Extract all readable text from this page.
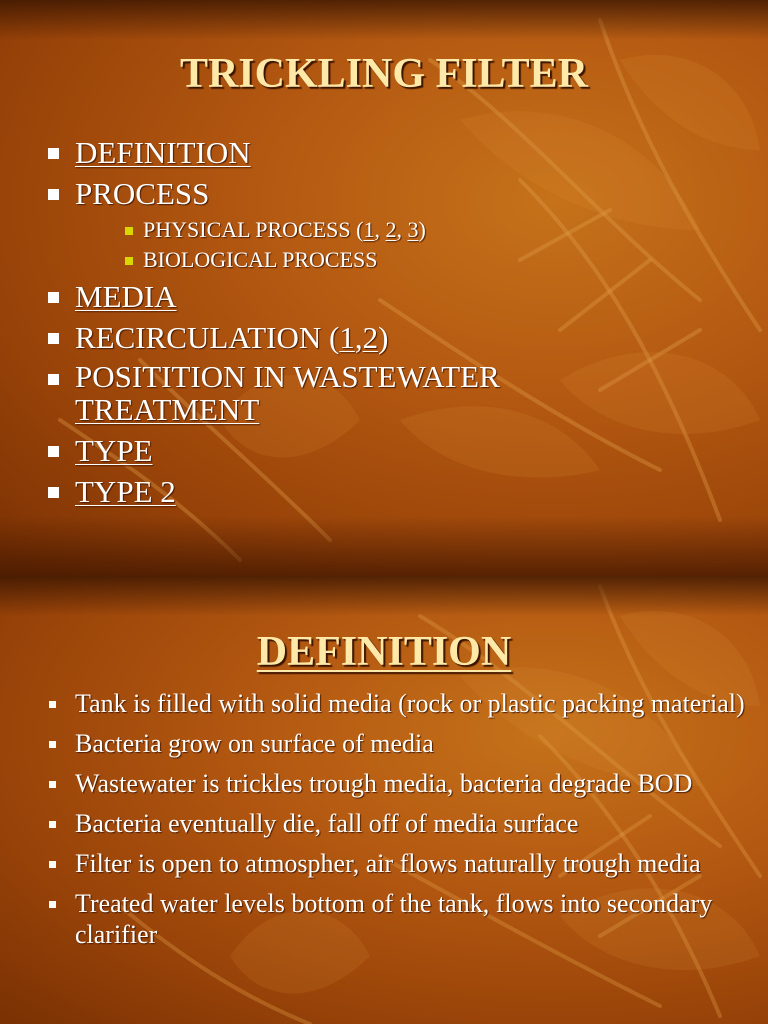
TRICKLING FILTER
DEFINITION
PROCESS
PHYSICAL PROCESS (1, 2, 3)
BIOLOGICAL PROCESS
MEDIA
RECIRCULATION (1,2)
POSITITION IN WASTEWATER
TREATMENT
TYPE
TYPE 2
DEFINITION
Tank is filled with solid media (rock or plastic packing material)
Bacteria grow on surface of media
Wastewater is trickles trough media, bacteria degrade BOD
Bacteria eventually die, fall off of media surface
Filter is open to atmospher, air flows naturally trough media
Treated water levels bottom of the tank, flows into secondary clarifier
